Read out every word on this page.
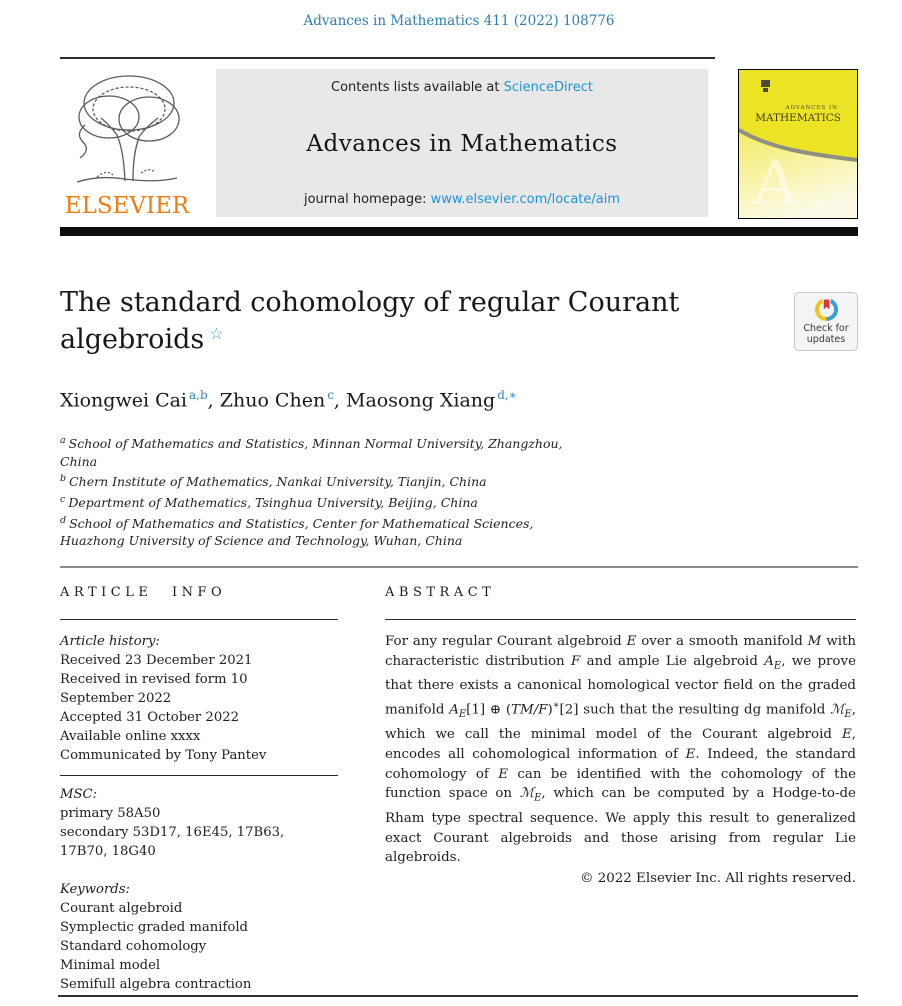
Advances in Mathematics 411 (2022) 108776
ELSEVIER
Contents lists available at ScienceDirect
Advances in Mathematics
journal homepage: www.elsevier.com/locate/aim A
ADVANCES IN
MATHEMATICS
The standard cohomology of regular Courant
algebroids ☆	Check for
updates
Xiongwei Cai $^{a,b}$, Zhuo Chen $^c$, Maosong Xiang $^{d,∗}$
$^a$ School of Mathematics and Statistics, Minnan Normal University, Zhangzhou, China
$^b$ Chern Institute of Mathematics, Nankai University, Tianjin, China
$^c$ Department of Mathematics, Tsinghua University, Beijing, China
$^d$ School of Mathematics and Statistics, Center for Mathematical Sciences, Huazhong University of Science and Technology, Wuhan, China
ARTICLE INFO
Article history:
Received 23 December 2021
Received in revised form 10 September 2022
Accepted 31 October 2022
Available online xxxx
Communicated by Tony Pantev
MSC:
primary 58A50
secondary 53D17, 16E45, 17B63, 17B70, 18G40
Keywords:
Courant algebroid
Symplectic graded manifold
Standard cohomology
Minimal model
Semifull algebra contraction
ABSTRACT

For any regular Courant algebroid E over a smooth manifold M with characteristic distribution F and ample Lie algebroid $A_E$, we prove that there exists a canonical homological vector field on the graded manifold $A_E[1]$ ⊕ (TM/F)∗[2] such that the resulting dg manifold ℳ$_E$, which we call the minimal model of the Courant algebroid E, encodes all cohomological information of E. Indeed, the standard cohomology of E can be identified with the cohomology of the function space on ℳ$_E$, which can be computed by a Hodge-to-de Rham type spectral sequence. We apply this result to generalized exact Courant algebroids and those arising from regular Lie algebroids.

© 2022 Elsevier Inc. All rights reserved.
